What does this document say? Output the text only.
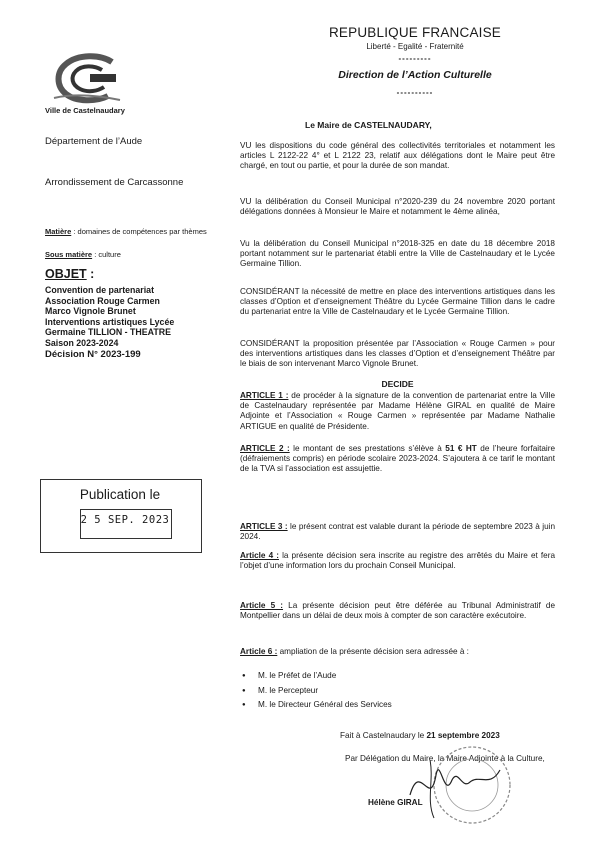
REPUBLIQUE FRANCAISE
Liberté - Egalité - Fraternité
---------
Direction de l’Action Culturelle
----------
Ville de Castelnaudary
Département de l’Aude
Arrondissement de Carcassonne
Matière : domaines de compétences par thèmes
Sous matière : culture
OBJET :
Convention de partenariat
Association Rouge Carmen
Marco Vignole Brunet
Interventions artistiques Lycée
Germaine TILLION - THEATRE
Saison 2023-2024
Décision N° 2023-199
Publication le
2 5 SEP. 2023
Le Maire de CASTELNAUDARY,
VU les dispositions du code général des collectivités territoriales et notamment les articles L 2122-22 4° et L 2122 23, relatif aux délégations dont le Maire peut être chargé, en tout ou partie, et pour la durée de son mandat.
VU la délibération du Conseil Municipal n°2020-239 du 24 novembre 2020 portant délégations données à Monsieur le Maire et notamment le 4ème alinéa,
Vu la délibération du Conseil Municipal n°2018-325 en date du 18 décembre 2018 portant notamment sur le partenariat établi entre la Ville de Castelnaudary et le Lycée Germaine Tillion.
CONSIDÉRANT la nécessité de mettre en place des interventions artistiques dans les classes d’Option et d’enseignement Théâtre du Lycée Germaine Tillion dans le cadre du partenariat entre la Ville de Castelnaudary et le Lycée Germaine Tillion.
CONSIDÉRANT la proposition présentée par l’Association « Rouge Carmen » pour des interventions artistiques dans les classes d’Option et d’enseignement Théâtre par le biais de son intervenant Marco Vignole Brunet.
DECIDE
ARTICLE 1 : de procéder à la signature de la convention de partenariat entre la Ville de Castelnaudary représentée par Madame Hélène GIRAL en qualité de Maire Adjointe et l’Association « Rouge Carmen » représentée par Madame Nathalie ARTIGUE en qualité de Présidente.
ARTICLE 2 : le montant de ses prestations s’élève à 51 € HT de l’heure forfaitaire (défraiements compris) en période scolaire 2023-2024. S’ajoutera à ce tarif le montant de la TVA si l’association est assujettie.
ARTICLE 3 : le présent contrat est valable durant la période de septembre 2023 à juin 2024.
Article 4 : la présente décision sera inscrite au registre des arrêtés du Maire et fera l’objet d’une information lors du prochain Conseil Municipal.
Article 5 : La présente décision peut être déférée au Tribunal Administratif de Montpellier dans un délai de deux mois à compter de son caractère exécutoire.
Article 6 : ampliation de la présente décision sera adressée à :
● M. le Préfet de l’Aude
● M. le Percepteur
● M. le Directeur Général des Services
Fait à Castelnaudary le 21 septembre 2023
Par Délégation du Maire, la Maire Adjointe à la Culture,
Hélène GIRAL
